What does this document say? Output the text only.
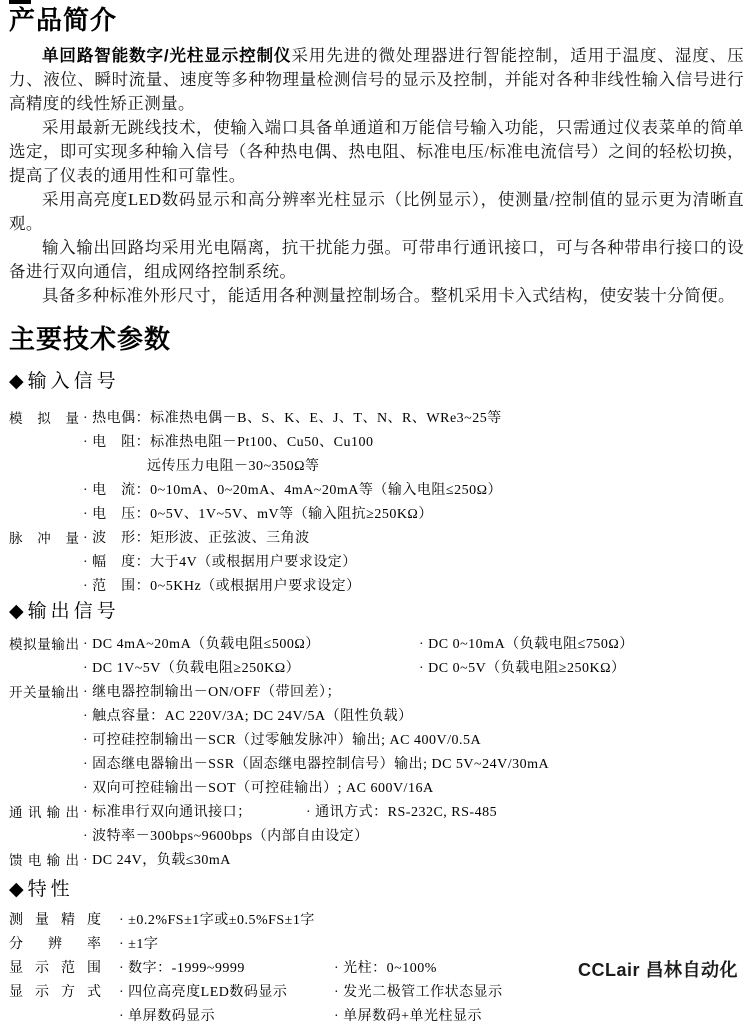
产品简介

单回路智能数字/光柱显示控制仪采用先进的微处理器进行智能控制，适用于温度、湿度、压力、液位、瞬时流量、速度等多种物理量检测信号的显示及控制，并能对各种非线性输入信号进行高精度的线性矫正测量。

采用最新无跳线技术，使输入端口具备单通道和万能信号输入功能，只需通过仪表菜单的简单选定，即可实现多种输入信号（各种热电偶、热电阻、标准电压/标准电流信号）之间的轻松切换，提高了仪表的通用性和可靠性。

采用高亮度LED数码显示和高分辨率光柱显示（比例显示），使测量/控制值的显示更为清晰直观。

输入输出回路均采用光电隔离，抗干扰能力强。可带串行通讯接口，可与各种带串行接口的设备进行双向通信，组成网络控制系统。

具备多种标准外形尺寸，能适用各种测量控制场合。整机采用卡入式结构，使安装十分简便。

主要技术参数
◆输入信号
模拟量 · 热电偶：标准热电偶－B、S、K、E、J、T、N、R、WRe3~25等
· 电　阻：标准热电阻－Pt100、Cu50、Cu100
远传压力电阻－30~350Ω等
· 电　流：0~10mA、0~20mA、4mA~20mA等（输入电阻≤250Ω）
· 电　压：0~5V、1V~5V、mV等（输入阻抗≥250KΩ）
脉冲量 · 波　形：矩形波、正弦波、三角波
· 幅　度：大于4V（或根据用户要求设定）
· 范　围：0~5KHz（或根据用户要求设定）
◆输出信号
模拟量输出 · DC 4mA~20mA（负载电阻≤500Ω）	· DC 0~10mA（负载电阻≤750Ω）
· DC 1V~5V（负载电阻≥250KΩ）	· DC 0~5V（负载电阻≥250KΩ）
开关量输出 · 继电器控制输出－ON/OFF（带回差）；
· 触点容量：AC 220V/3A; DC 24V/5A（阻性负载）
· 可控硅控制输出－SCR（过零触发脉冲）输出; AC 400V/0.5A
· 固态继电器输出－SSR（固态继电器控制信号）输出; DC 5V~24V/30mA
· 双向可控硅输出－SOT（可控硅输出）; AC 600V/16A
通讯输出 · 标准串行双向通讯接口；	· 通讯方式：RS-232C, RS-485
· 波特率－300bps~9600bps（内部自由设定）
馈电输出 · DC 24V，负载≤30mA
◆特性
测量精度 · ±0.2%FS±1字或±0.5%FS±1字
分辨率 · ±1字
显示范围 · 数字：-1999~9999	· 光柱：0~100%
显示方式 · 四位高亮度LED数码显示	· 发光二极管工作状态显示
· 单屏数码显示	· 单屏数码+单光柱显示
CCLair 昌林自动化
